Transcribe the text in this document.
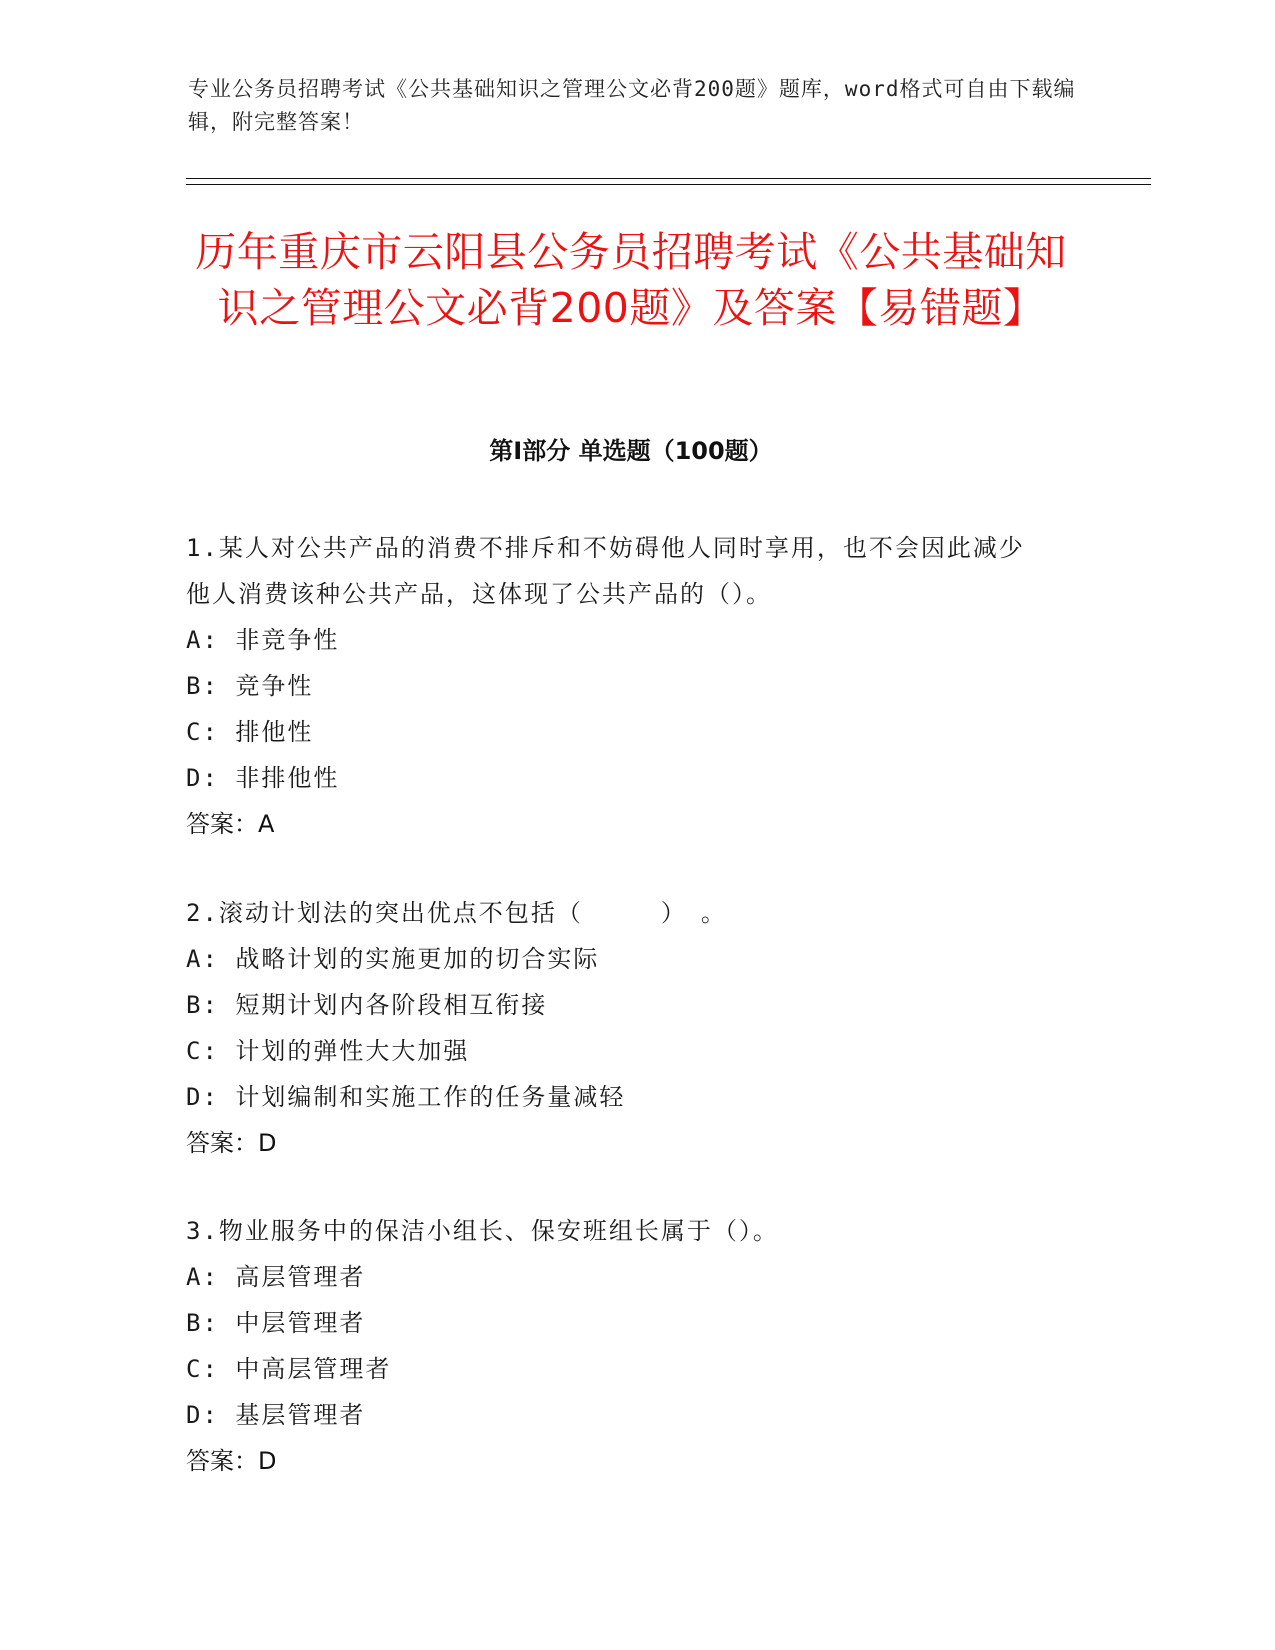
专业公务员招聘考试《公共基础知识之管理公文必背200题》题库，word格式可自由下载编辑，附完整答案！
历年重庆市云阳县公务员招聘考试《公共基础知识之管理公文必背200题》及答案【易错题】
第I部分 单选题（100题）

1.某人对公共产品的消费不排斥和不妨碍他人同时享用，也不会因此减少他人消费该种公共产品，这体现了公共产品的（）。

A: 非竞争性
B: 竞争性
C: 排他性
D: 非排他性
答案：A

2.滚动计划法的突出优点不包括（　　　）　。

A: 战略计划的实施更加的切合实际
B: 短期计划内各阶段相互衔接
C: 计划的弹性大大加强
D: 计划编制和实施工作的任务量减轻
答案：D

3.物业服务中的保洁小组长、保安班组长属于（）。

A: 高层管理者
B: 中层管理者
C: 中高层管理者
D: 基层管理者
答案：D
